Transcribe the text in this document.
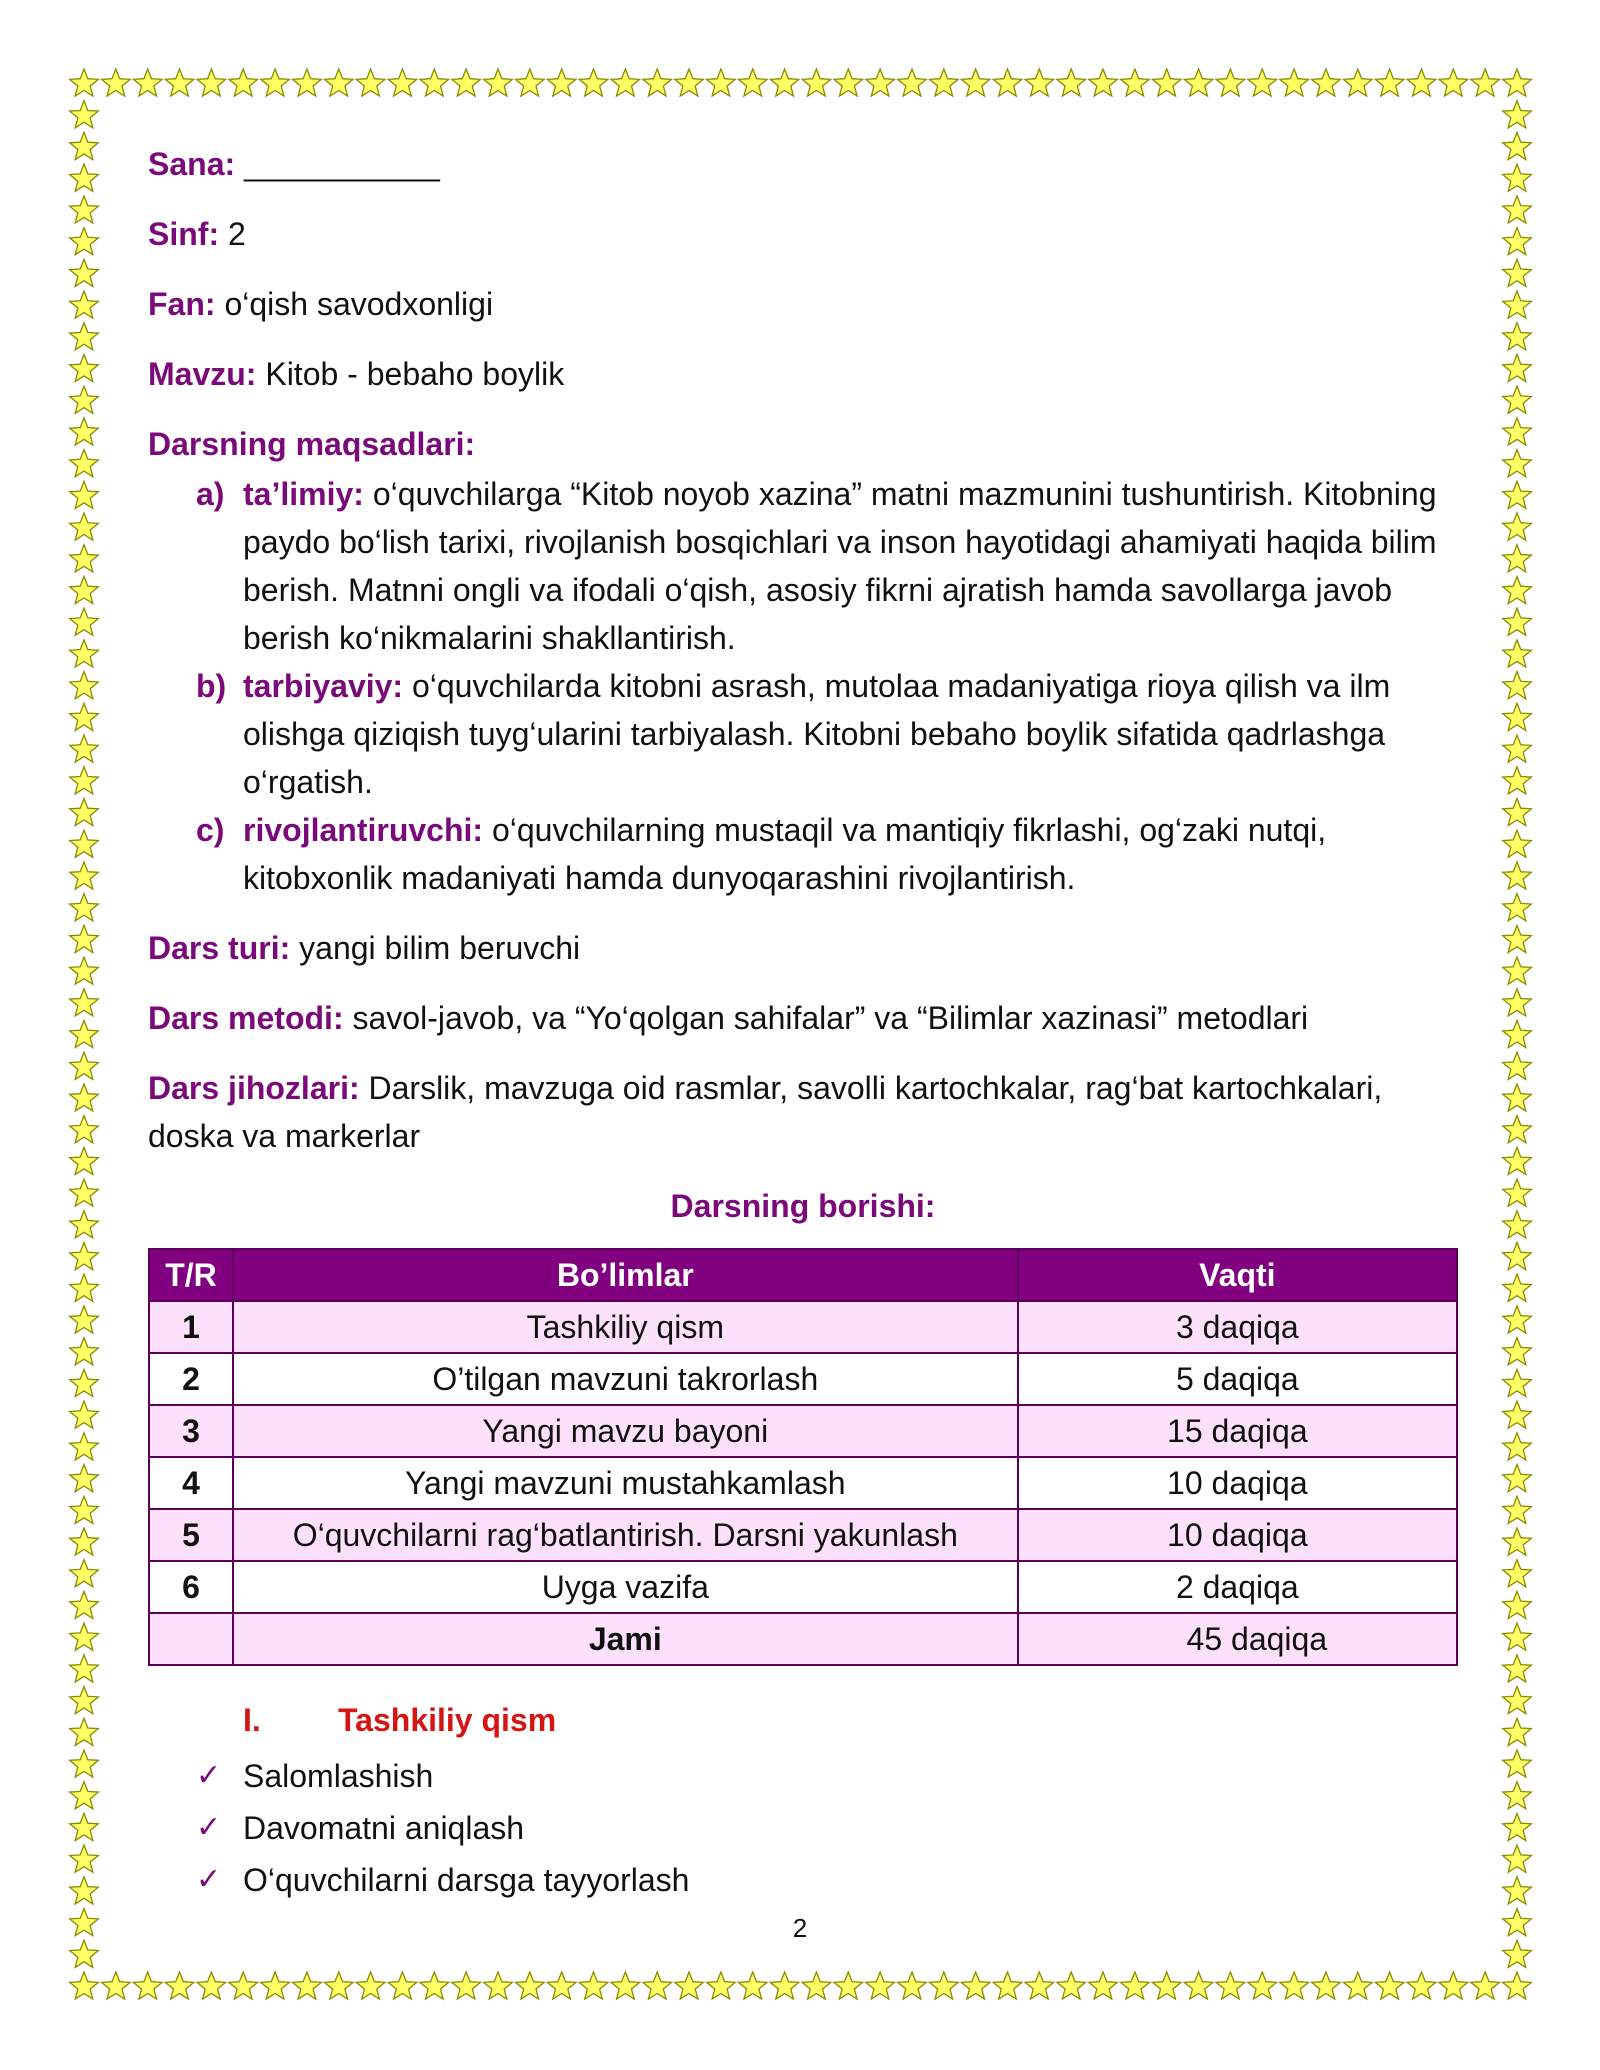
Sana: ___________

Sinf: 2

Fan: o‘qish savodxonligi

Mavzu: Kitob - bebaho boylik

Darsning maqsadlari:

a) ta’limiy: o‘quvchilarga “Kitob noyob xazina” matni mazmunini tushuntirish. Kitobning paydo bo‘lish tarixi, rivojlanish bosqichlari va inson hayotidagi ahamiyati haqida bilim berish. Matnni ongli va ifodali o‘qish, asosiy fikrni ajratish hamda savollarga javob berish ko‘nikmalarini shakllantirish.
b) tarbiyaviy: o‘quvchilarda kitobni asrash, mutolaa madaniyatiga rioya qilish va ilm olishga qiziqish tuyg‘ularini tarbiyalash. Kitobni bebaho boylik sifatida qadrlashga o‘rgatish.
c) rivojlantiruvchi: o‘quvchilarning mustaqil va mantiqiy fikrlashi, og‘zaki nutqi, kitobxonlik madaniyati hamda dunyoqarashini rivojlantirish.

Dars turi: yangi bilim beruvchi

Dars metodi: savol-javob, va “Yo‘qolgan sahifalar” va “Bilimlar xazinasi” metodlari

Dars jihozlari: Darslik, mavzuga oid rasmlar, savolli kartochkalar, rag‘bat kartochkalari, doska va markerlar

Darsning borishi:

T/R	Bo’limlar	Vaqti
1	Tashkiliy qism	3 daqiqa
2	O’tilgan mavzuni takrorlash	5 daqiqa
3	Yangi mavzu bayoni	15 daqiqa
4	Yangi mavzuni mustahkamlash	10 daqiqa
5	O‘quvchilarni rag‘batlantirish. Darsni yakunlash	10 daqiqa
6	Uyga vazifa	2 daqiqa
	Jami	45 daqiqa

I. Tashkiliy qism

✓ Salomlashish
✓ Davomatni aniqlash
✓ O‘quvchilarni darsga tayyorlash
2
